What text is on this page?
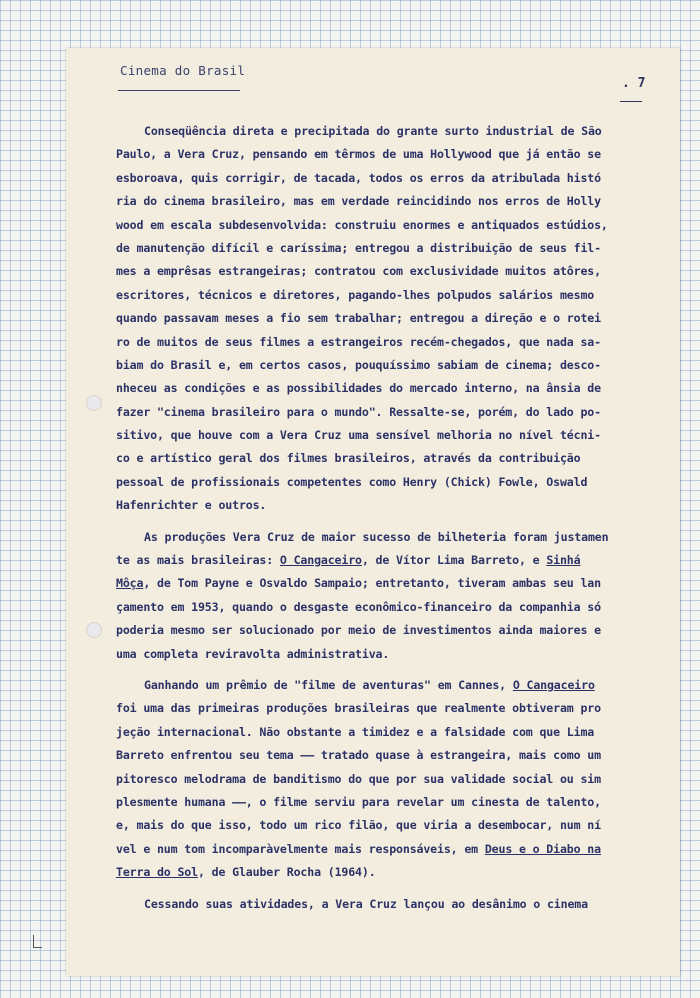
Cinema do Brasil
. 7
Conseqüência direta e precipitada do grante surto industrial de São
Paulo, a Vera Cruz, pensando em têrmos de uma Hollywood que já então se
esboroava, quis corrigir, de tacada, todos os erros da atribulada histó
ria do cinema brasileiro, mas em verdade reincidindo nos erros de Holly
wood em escala subdesenvolvida: construiu enormes e antiquados estúdios,
de manutenção difícil e caríssima; entregou a distribuição de seus fil-
mes a emprêsas estrangeiras; contratou com exclusividade muitos atôres,
escritores, técnicos e diretores, pagando-lhes polpudos salários mesmo
quando passavam meses a fio sem trabalhar; entregou a direção e o rotei
ro de muitos de seus filmes a estrangeiros recém-chegados, que nada sa-
biam do Brasil e, em certos casos, pouquíssimo sabiam de cinema; desco-
nheceu as condições e as possibilidades do mercado interno, na ânsia de
fazer "cinema brasileiro para o mundo". Ressalte-se, porém, do lado po-
sitivo, que houve com a Vera Cruz uma sensível melhoria no nível técni-
co e artístico geral dos filmes brasileiros, através da contribuição
pessoal de profissionais competentes como Henry (Chick) Fowle, Oswald
Hafenrichter e outros.
As produções Vera Cruz de maior sucesso de bilheteria foram justamen
te as mais brasileiras: O Cangaceiro, de Vítor Lima Barreto, e Sinhá
Môça, de Tom Payne e Osvaldo Sampaio; entretanto, tiveram ambas seu lan
çamento em 1953, quando o desgaste econômico-financeiro da companhia só
poderia mesmo ser solucionado por meio de investimentos ainda maiores e
uma completa reviravolta administrativa.
Ganhando um prêmio de "filme de aventuras" em Cannes, O Cangaceiro
foi uma das primeiras produções brasileiras que realmente obtiveram pro
jeção internacional. Não obstante a timidez e a falsidade com que Lima
Barreto enfrentou seu tema –– tratado quase à estrangeira, mais como um
pitoresco melodrama de banditismo do que por sua validade social ou sim
plesmente humana ––, o filme serviu para revelar um cinesta de talento,
e, mais do que isso, todo um rico filão, que viria a desembocar, num ní
vel e num tom incomparàvelmente mais responsáveis, em Deus e o Diabo na
Terra do Sol, de Glauber Rocha (1964).
Cessando suas atividades, a Vera Cruz lançou ao desânimo o cinema
